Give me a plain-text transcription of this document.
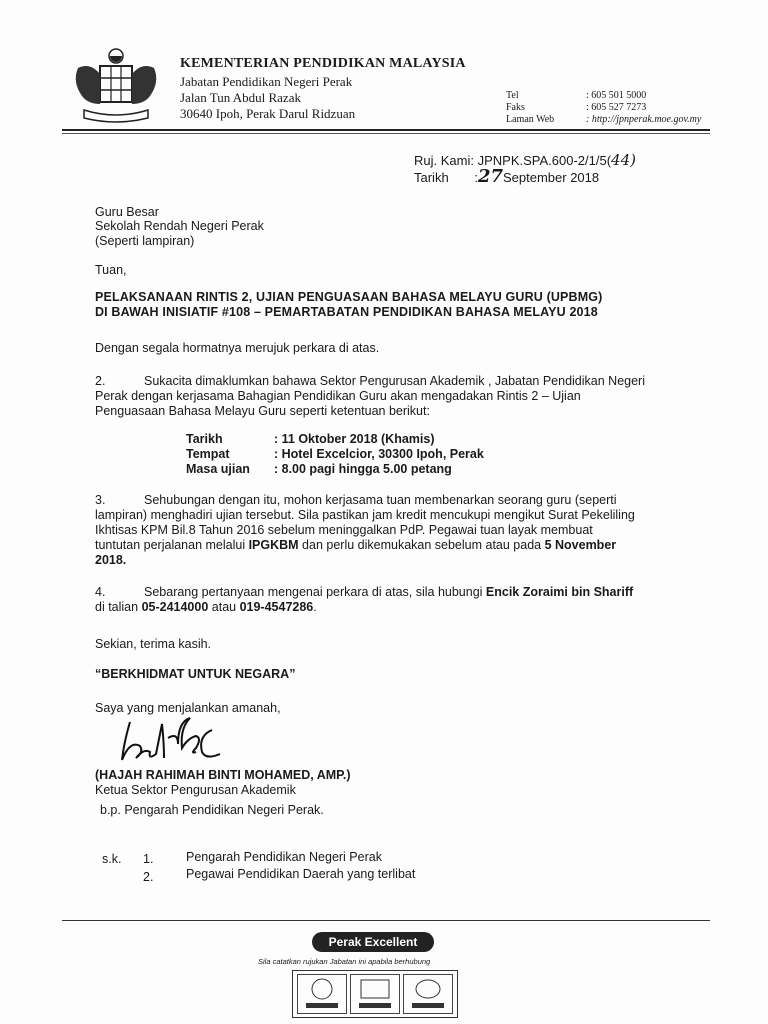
KEMENTERIAN PENDIDIKAN MALAYSIA
Jabatan Pendidikan Negeri Perak
Jalan Tun Abdul Razak
30640 Ipoh, Perak Darul Ridzuan
Tel	: 605 501 5000
Faks	: 605 527 7273
Laman Web	: http://jpnperak.moe.gov.my
Ruj. Kami: JPNPK.SPA.600-2/1/5(44)
Tarikh :27September 2018
Guru Besar
Sekolah Rendah Negeri Perak
(Seperti lampiran)
Tuan,
PELAKSANAAN RINTIS 2, UJIAN PENGUASAAN BAHASA MELAYU GURU (UPBMG)
DI BAWAH INISIATIF #108 – PEMARTABATAN PENDIDIKAN BAHASA MELAYU 2018
Dengan segala hormatnya merujuk perkara di atas.
2.	Sukacita dimaklumkan bahawa Sektor Pengurusan Akademik , Jabatan Pendidikan Negeri
Perak dengan kerjasama Bahagian Pendidikan Guru akan mengadakan Rintis 2 – Ujian
Penguasaan Bahasa Melayu Guru seperti ketentuan berikut:
Tarikh	: 11 Oktober 2018 (Khamis)
Tempat	: Hotel Excelcior, 30300 Ipoh, Perak
Masa ujian	: 8.00 pagi hingga 5.00 petang
3.	Sehubungan dengan itu, mohon kerjasama tuan membenarkan seorang guru (seperti
lampiran) menghadiri ujian tersebut. Sila pastikan jam kredit mencukupi mengikut Surat Pekeliling
Ikhtisas KPM Bil.8 Tahun 2016 sebelum meninggalkan PdP. Pegawai tuan layak membuat
tuntutan perjalanan melalui IPGKBM dan perlu dikemukakan sebelum atau pada 5 November
2018.
4.	Sebarang pertanyaan mengenai perkara di atas, sila hubungi Encik Zoraimi bin Shariff
di talian 05-2414000 atau 019-4547286.
Sekian, terima kasih.
“BERKHIDMAT UNTUK NEGARA”
Saya yang menjalankan amanah,
(HAJAH RAHIMAH BINTI MOHAMED, AMP.)
Ketua Sektor Pengurusan Akademik
b.p. Pengarah Pendidikan Negeri Perak.
s.k. 1.	Pengarah Pendidikan Negeri Perak
2.	Pegawai Pendidikan Daerah yang terlibat
Perak Excellent
Sila catatkan rujukan Jabatan ini apabila berhubung
